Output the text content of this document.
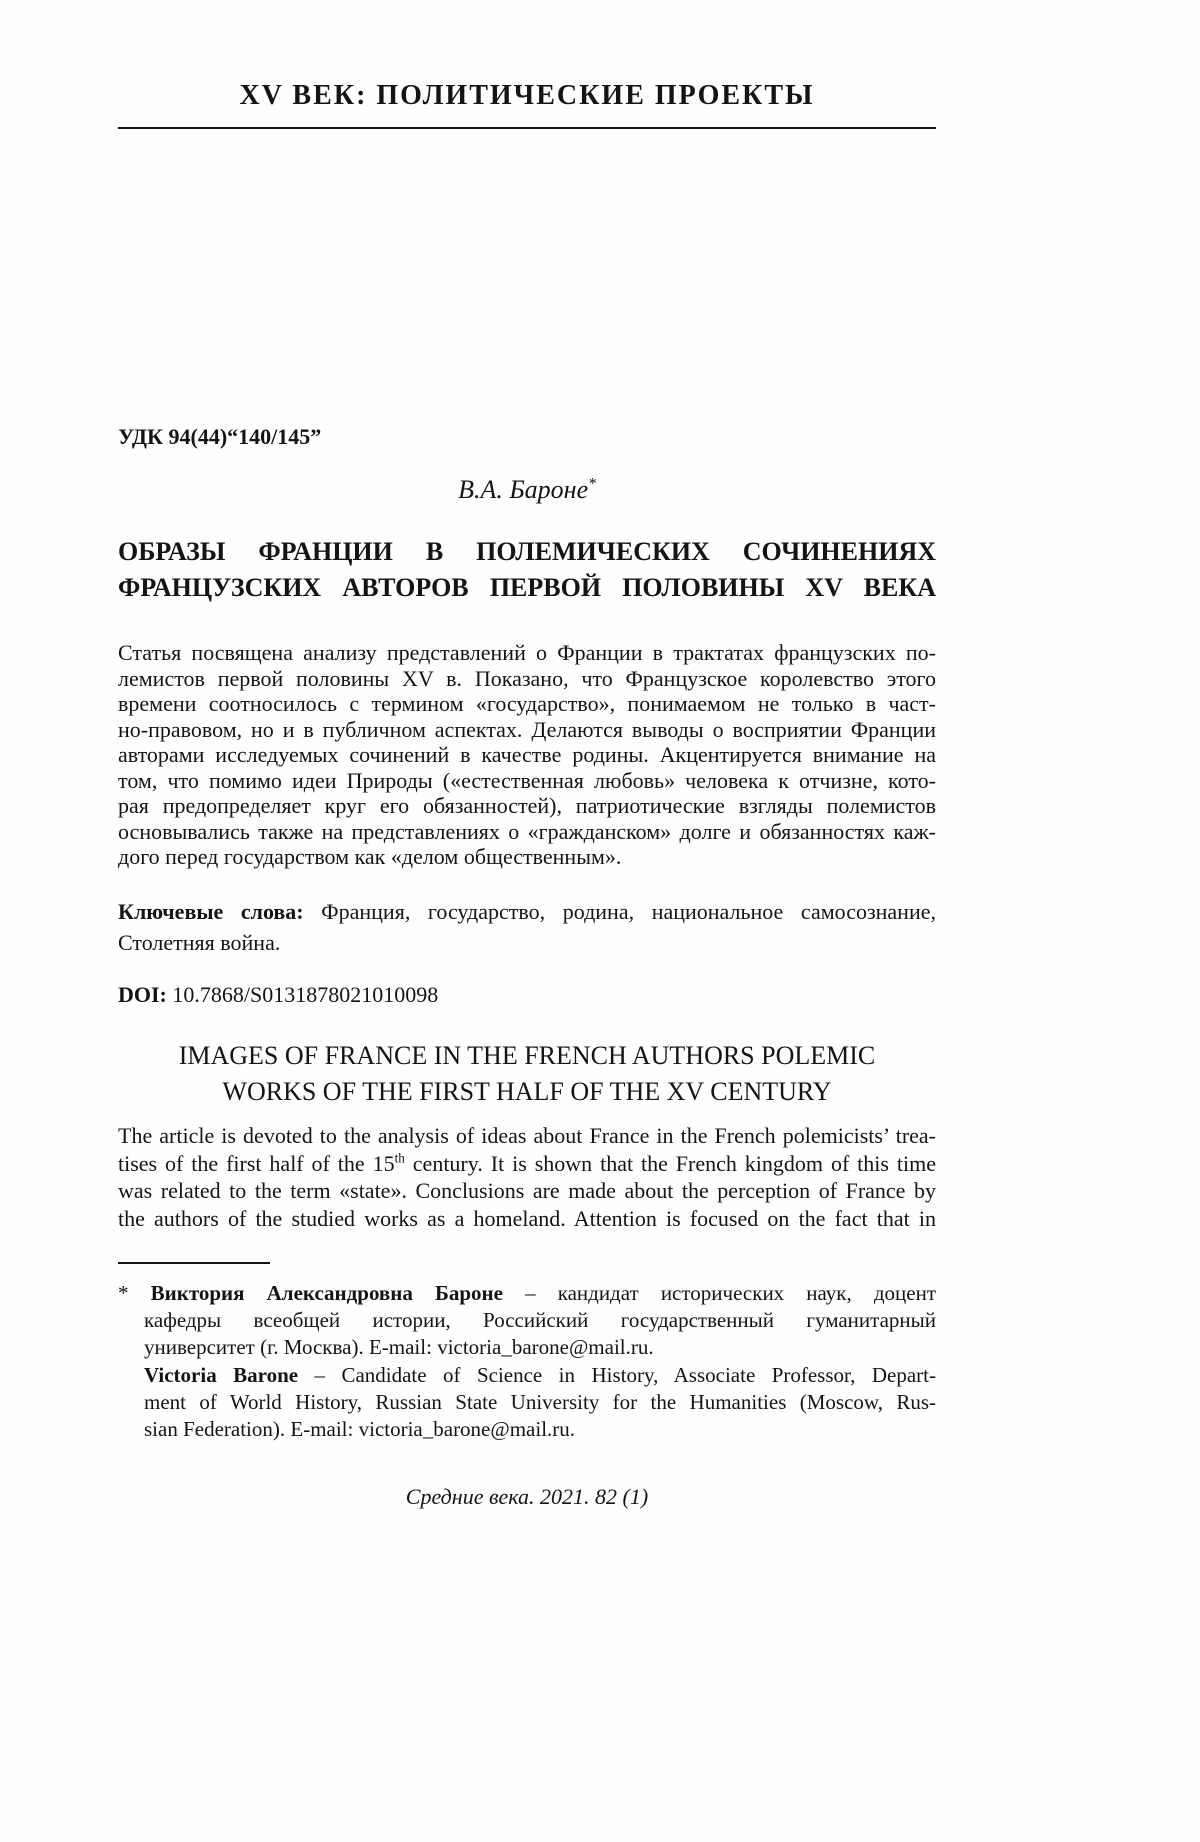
XV ВЕК: ПОЛИТИЧЕСКИЕ ПРОЕКТЫ
УДК 94(44)“140/145”
В.А. Бароне*
ОБРАЗЫ ФРАНЦИИ В ПОЛЕМИЧЕСКИХ СОЧИНЕНИЯХ
ФРАНЦУЗСКИХ АВТОРОВ ПЕРВОЙ ПОЛОВИНЫ XV ВЕКА
Статья посвящена анализу представлений о Франции в трактатах французских по-
лемистов первой половины XV в. Показано, что Французское королевство этого
времени соотносилось с термином «государство», понимаемом не только в част-
но-правовом, но и в публичном аспектах. Делаются выводы о восприятии Франции
авторами исследуемых сочинений в качестве родины. Акцентируется внимание на
том, что помимо идеи Природы («естественная любовь» человека к отчизне, кото-
рая предопределяет круг его обязанностей), патриотические взгляды полемистов
основывались также на представлениях о «гражданском» долге и обязанностях каж-
дого перед государством как «делом общественным».
Ключевые слова: Франция, государство, родина, национальное самосознание,
Столетняя война.
DOI: 10.7868/S0131878021010098
IMAGES OF FRANCE IN THE FRENCH AUTHORS POLEMIC
WORKS OF THE FIRST HALF OF THE XV CENTURY
The article is devoted to the analysis of ideas about France in the French polemicists’ trea-
tises of the first half of the 15th century. It is shown that the French kingdom of this time
was related to the term «state». Conclusions are made about the perception of France by
the authors of the studied works as a homeland. Attention is focused on the fact that in
* Виктория Александровна Бароне – кандидат исторических наук, доцент
кафедры всеобщей истории, Российский государственный гуманитарный
университет (г. Москва). E-mail: victoria_barone@mail.ru.
Victoria Barone – Candidate of Science in History, Associate Professor, Depart-
ment of World History, Russian State University for the Humanities (Moscow, Rus-
sian Federation). E-mail: victoria_barone@mail.ru.
Средние века. 2021. 82 (1)
